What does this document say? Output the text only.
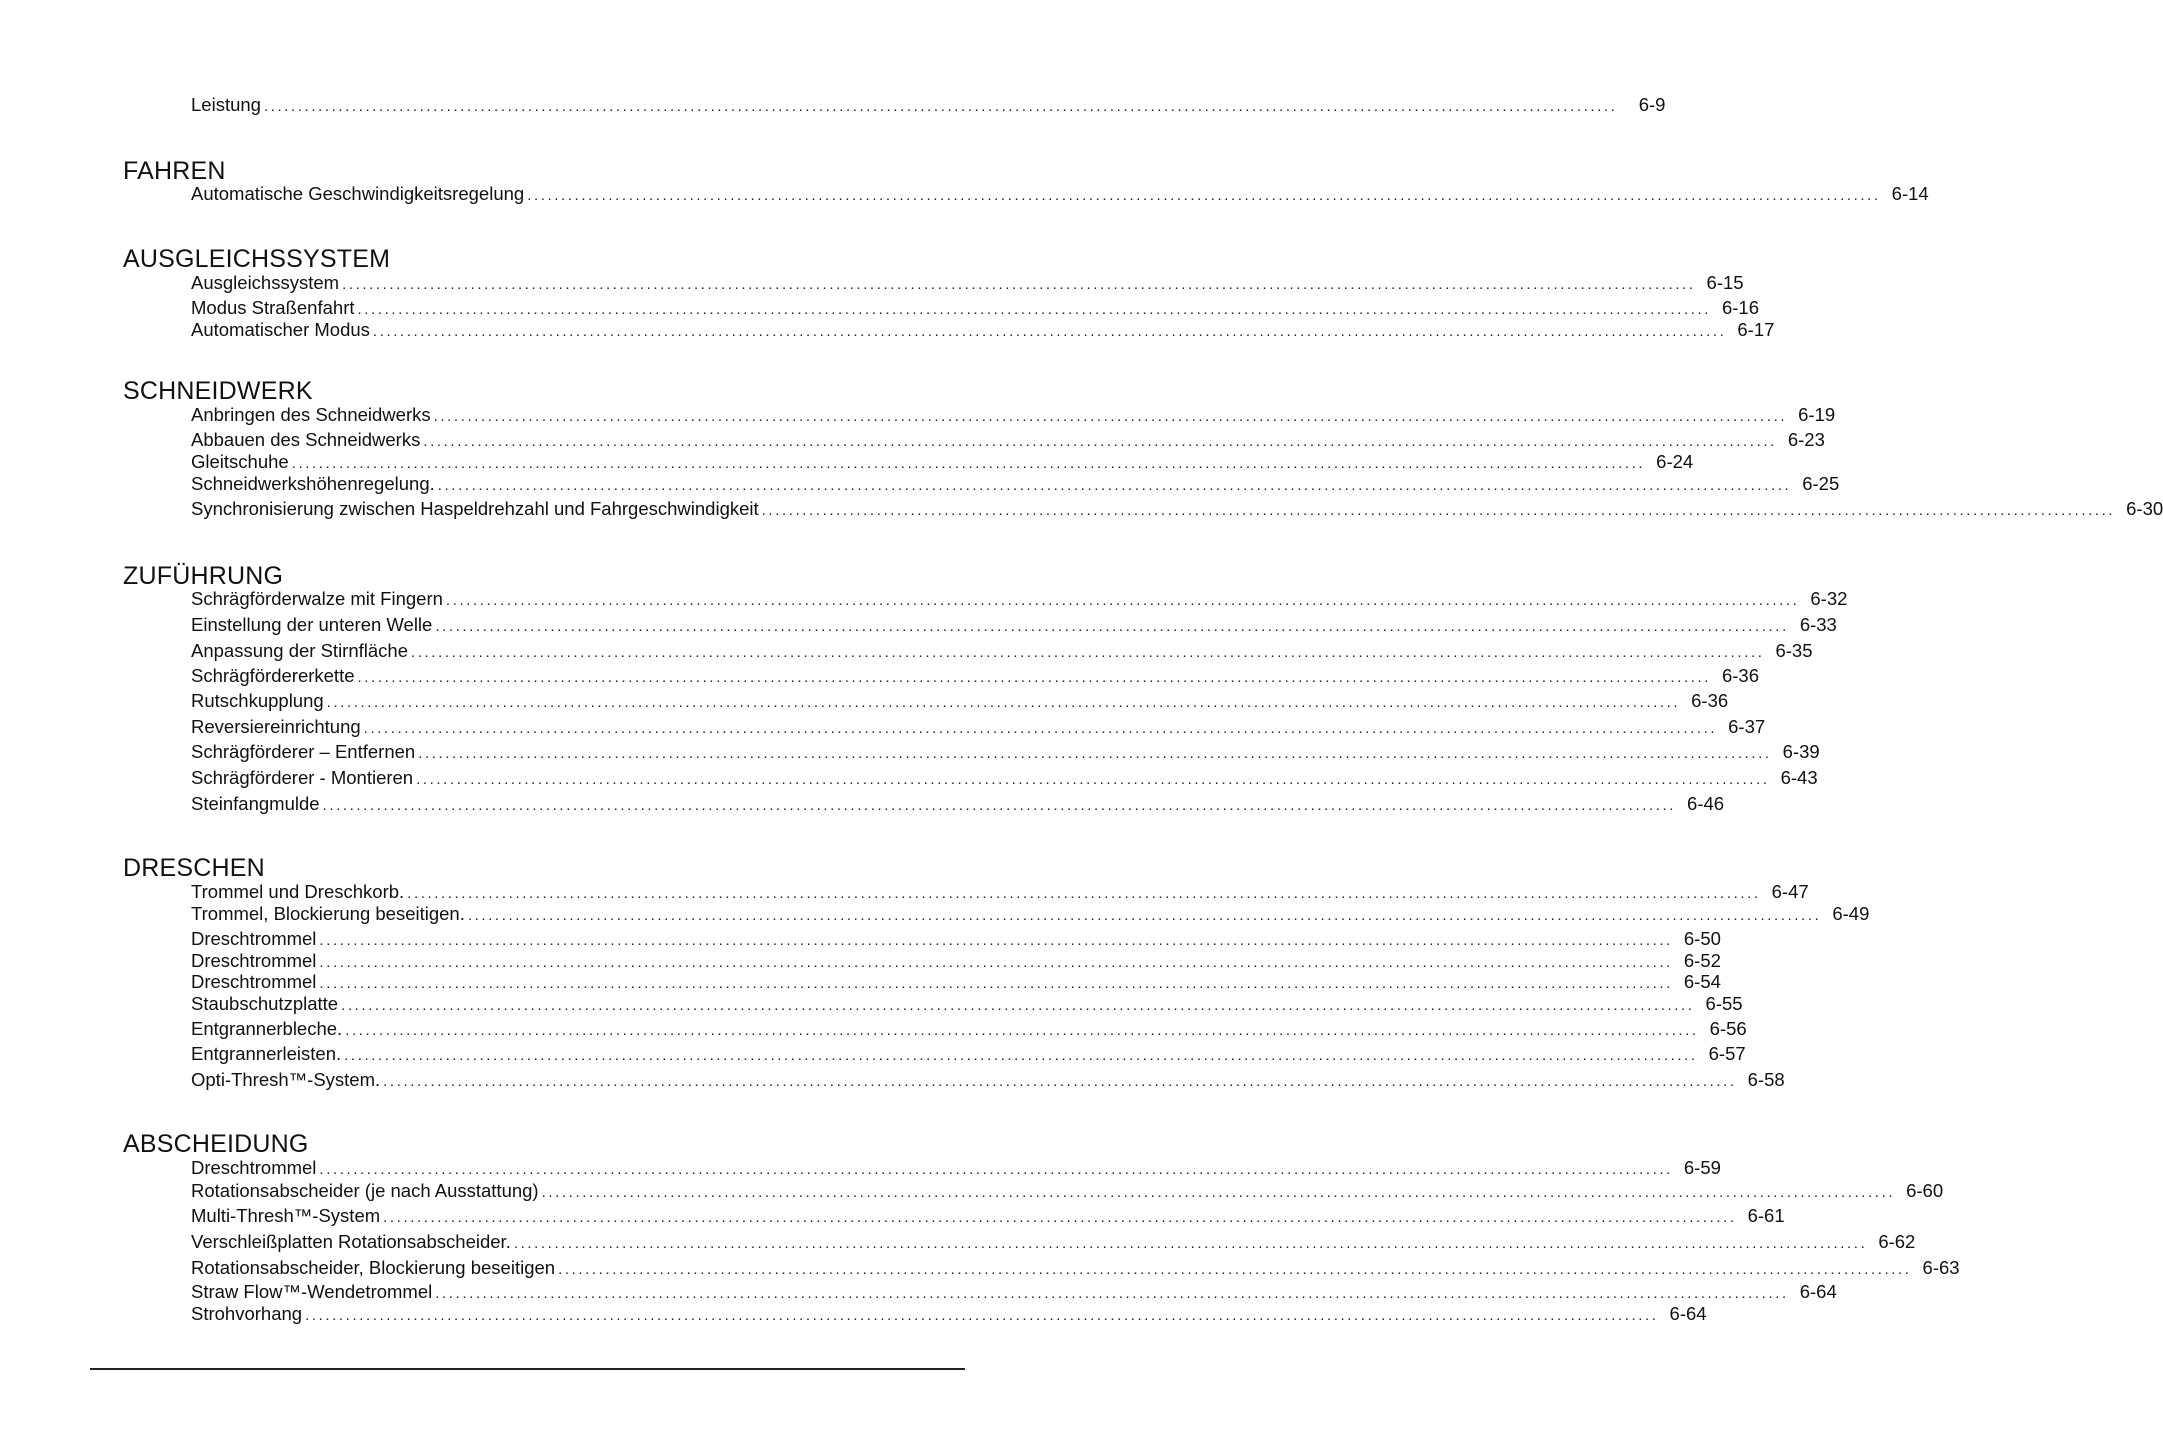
Leistung ........................................................................................................................................................................................................	6-9
FAHREN
Automatische Geschwindigkeitsregelung ........................................................................................................................................................................................................ 6-14
AUSGLEICHSSYSTEM
Ausgleichssystem ........................................................................................................................................................................................................ 6-15
Modus Straßenfahrt ........................................................................................................................................................................................................ 6-16
Automatischer Modus ........................................................................................................................................................................................................ 6-17
SCHNEIDWERK
Anbringen des Schneidwerks ........................................................................................................................................................................................................ 6-19
Abbauen des Schneidwerks ........................................................................................................................................................................................................ 6-23
Gleitschuhe ........................................................................................................................................................................................................ 6-24
Schneidwerkshöhenregelung. ........................................................................................................................................................................................................ 6-25
Synchronisierung zwischen Haspeldrehzahl und Fahrgeschwindigkeit ........................................................................................................................................................................................................ 6-30
ZUFÜHRUNG
Schrägförderwalze mit Fingern ........................................................................................................................................................................................................ 6-32
Einstellung der unteren Welle ........................................................................................................................................................................................................ 6-33
Anpassung der Stirnfläche ........................................................................................................................................................................................................ 6-35
Schrägfördererkette ........................................................................................................................................................................................................ 6-36
Rutschkupplung ........................................................................................................................................................................................................ 6-36
Reversiereinrichtung ........................................................................................................................................................................................................ 6-37
Schrägförderer – Entfernen ........................................................................................................................................................................................................ 6-39
Schrägförderer - Montieren ........................................................................................................................................................................................................ 6-43
Steinfangmulde ........................................................................................................................................................................................................ 6-46
DRESCHEN
Trommel und Dreschkorb. ........................................................................................................................................................................................................ 6-47
Trommel, Blockierung beseitigen. ........................................................................................................................................................................................................ 6-49
Dreschtrommel ........................................................................................................................................................................................................ 6-50
Dreschtrommel ........................................................................................................................................................................................................ 6-52
Dreschtrommel ........................................................................................................................................................................................................ 6-54
Staubschutzplatte ........................................................................................................................................................................................................ 6-55
Entgrannerbleche. ........................................................................................................................................................................................................ 6-56
Entgrannerleisten. ........................................................................................................................................................................................................ 6-57
Opti-Thresh™-System. ........................................................................................................................................................................................................ 6-58
ABSCHEIDUNG
Dreschtrommel ........................................................................................................................................................................................................ 6-59
Rotationsabscheider (je nach Ausstattung) ........................................................................................................................................................................................................ 6-60
Multi-Thresh™-System ........................................................................................................................................................................................................ 6-61
Verschleißplatten Rotationsabscheider. ........................................................................................................................................................................................................ 6-62
Rotationsabscheider, Blockierung beseitigen ........................................................................................................................................................................................................ 6-63
Straw Flow™-Wendetrommel ........................................................................................................................................................................................................ 6-64
Strohvorhang ........................................................................................................................................................................................................ 6-64
